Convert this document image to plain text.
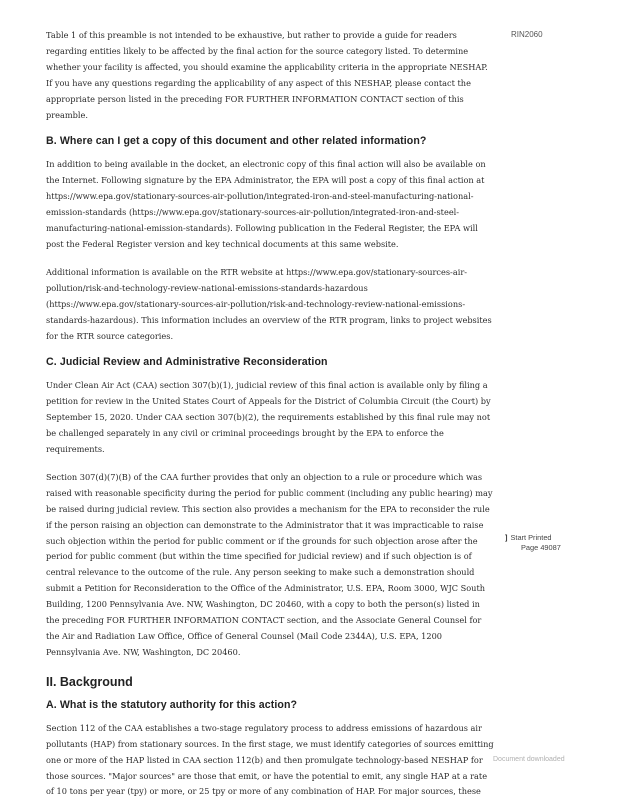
RIN2060

Table 1 of this preamble is not intended to be exhaustive, but rather to provide a guide for readers regarding entities likely to be affected by the final action for the source category listed. To determine whether your facility is affected, you should examine the applicability criteria in the appropriate NESHAP. If you have any questions regarding the applicability of any aspect of this NESHAP, please contact the appropriate person listed in the preceding FOR FURTHER INFORMATION CONTACT section of this preamble.

B. Where can I get a copy of this document and other related information?

In addition to being available in the docket, an electronic copy of this final action will also be available on the Internet. Following signature by the EPA Administrator, the EPA will post a copy of this final action at https://www.epa.gov/stationary-sources-air-pollution/integrated-iron-and-steel-manufacturing-national-emission-standards (https://www.epa.gov/stationary-sources-air-pollution/integrated-iron-and-steel-manufacturing-national-emission-standards). Following publication in the Federal Register, the EPA will post the Federal Register version and key technical documents at this same website.

Additional information is available on the RTR website at https://www.epa.gov/stationary-sources-air-pollution/risk-and-technology-review-national-emissions-standards-hazardous (https://www.epa.gov/stationary-sources-air-pollution/risk-and-technology-review-national-emissions-standards-hazardous). This information includes an overview of the RTR program, links to project websites for the RTR source categories.

C. Judicial Review and Administrative Reconsideration

Under Clean Air Act (CAA) section 307(b)(1), judicial review of this final action is available only by filing a petition for review in the United States Court of Appeals for the District of Columbia Circuit (the Court) by September 15, 2020. Under CAA section 307(b)(2), the requirements established by this final rule may not be challenged separately in any civil or criminal proceedings brought by the EPA to enforce the requirements.

Section 307(d)(7)(B) of the CAA further provides that only an objection to a rule or procedure which was raised with reasonable specificity during the period for public comment (including any public hearing) may be raised during judicial review. This section also provides a mechanism for the EPA to reconsider the rule if the person raising an objection can demonstrate to the Administrator that it was impracticable to raise such objection within the period for public comment or if the grounds for such objection arose after the period for public comment (but within the time specified for judicial review) and if such objection is of central relevance to the outcome of the rule. Any person seeking to make such a demonstration should submit a Petition for Reconsideration to the Office of the Administrator, U.S. EPA, Room 3000, WJC South Building, 1200 Pennsylvania Ave. NW, Washington, DC 20460, with a copy to both the person(s) listed in the preceding FOR FURTHER INFORMATION CONTACT section, and the Associate General Counsel for the Air and Radiation Law Office, Office of General Counsel (Mail Code 2344A), U.S. EPA, 1200 Pennsylvania Ave. NW, Washington, DC 20460.

II. Background
A. What is the statutory authority for this action?

Section 112 of the CAA establishes a two-stage regulatory process to address emissions of hazardous air pollutants (HAP) from stationary sources. In the first stage, we must identify categories of sources emitting one or more of the HAP listed in CAA section 112(b) and then promulgate technology-based NESHAP for those sources. "Major sources" are those that emit, or have the potential to emit, any single HAP at a rate of 10 tons per year (tpy) or more, or 25 tpy or more of any combination of HAP. For major sources, these

] Start Printed
Page 49087
Document downloaded
